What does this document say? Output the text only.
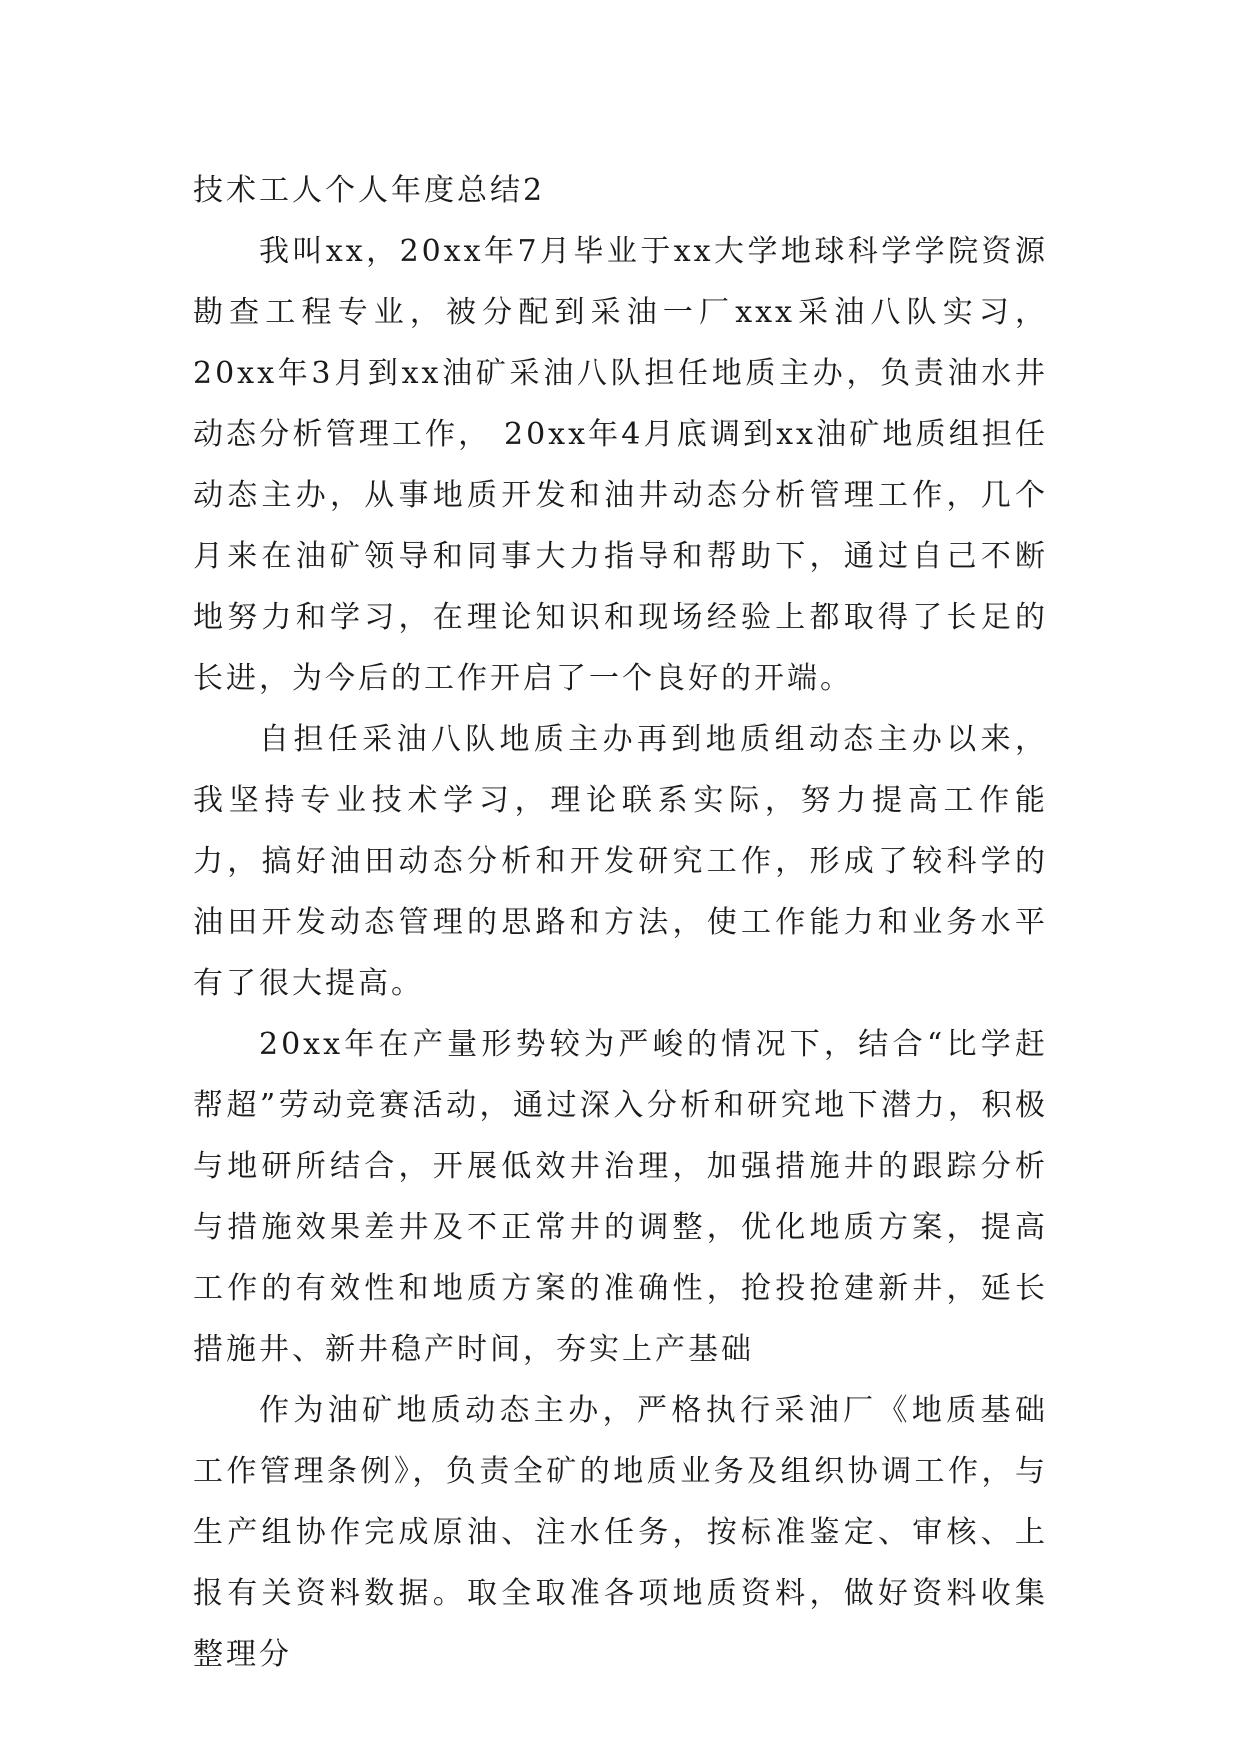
技术工人个人年度总结2

我叫xx，20xx年7月毕业于xx大学地球科学学院资源勘查工程专业，被分配到采油一厂xxx采油八队实习，20xx年3月到xx油矿采油八队担任地质主办，负责油水井动态分析管理工作， 20xx年4月底调到xx油矿地质组担任动态主办，从事地质开发和油井动态分析管理工作，几个月来在油矿领导和同事大力指导和帮助下，通过自己不断地努力和学习，在理论知识和现场经验上都取得了长足的长进，为今后的工作开启了一个良好的开端。

自担任采油八队地质主办再到地质组动态主办以来，我坚持专业技术学习，理论联系实际，努力提高工作能力，搞好油田动态分析和开发研究工作，形成了较科学的油田开发动态管理的思路和方法，使工作能力和业务水平有了很大提高。

20xx年在产量形势较为严峻的情况下，结合“比学赶帮超”劳动竞赛活动，通过深入分析和研究地下潜力，积极与地研所结合，开展低效井治理，加强措施井的跟踪分析与措施效果差井及不正常井的调整，优化地质方案，提高工作的有效性和地质方案的准确性，抢投抢建新井，延长措施井、新井稳产时间，夯实上产基础

作为油矿地质动态主办，严格执行采油厂《地质基础工作管理条例》，负责全矿的地质业务及组织协调工作，与生产组协作完成原油、注水任务，按标准鉴定、审核、上报有关资料数据。取全取准各项地质资料，做好资料收集整理分
